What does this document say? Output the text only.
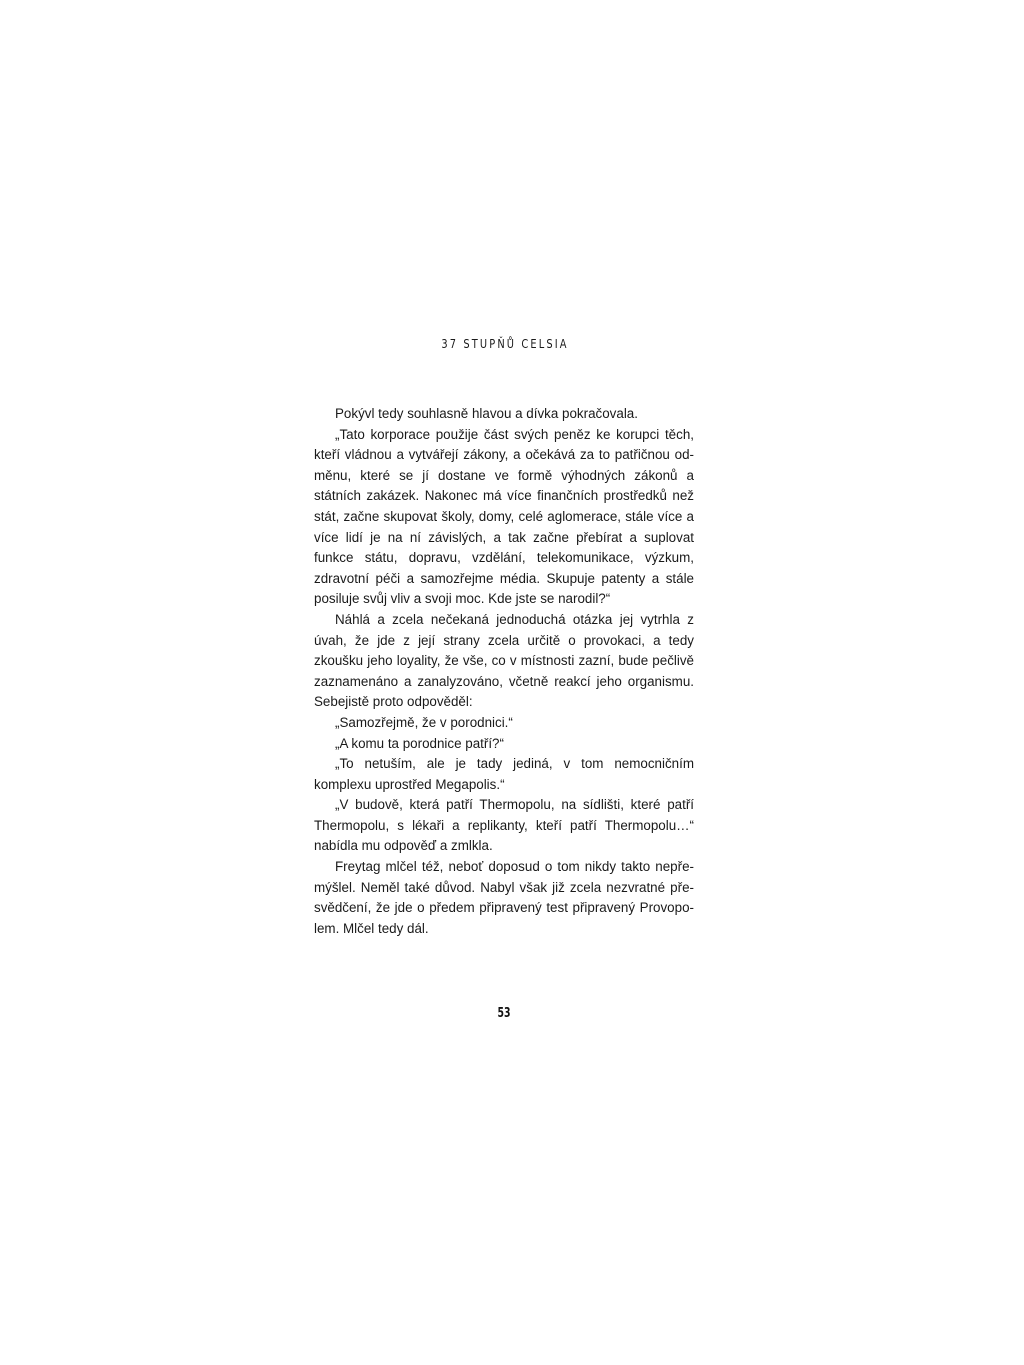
37 STUPŇŮ CELSIA

Pokývl tedy souhlasně hlavou a dívka pokračovala.

„Tato korporace použije část svých peněz ke korupci těch, kteří vládnou a vytvářejí zákony, a očekává za to patřičnou odměnu, které se jí dostane ve formě výhodných zákonů a státních zakázek. Nakonec má více finančních prostředků než stát, začne skupovat školy, domy, celé aglomerace, stále více a více lidí je na ní závislých, a tak začne přebírat a suplovat funkce státu, dopravu, vzdělání, telekomunikace, výzkum, zdravotní péči a samozřejme média. Skupuje patenty a stále posiluje svůj vliv a svoji moc. Kde jste se narodil?“

Náhlá a zcela nečekaná jednoduchá otázka jej vytrhla z úvah, že jde z její strany zcela určitě o provokaci, a tedy zkoušku jeho loyality, že vše, co v místnosti zazní, bude pečlivě zaznamenáno a zanalyzováno, včetně reakcí jeho organismu. Sebejistě proto odpověděl:

„Samozřejmě, že v porodnici.“

„A komu ta porodnice patří?“

„To netuším, ale je tady jediná, v tom nemocničním komplexu uprostřed Megapolis.“

„V budově, která patří Thermopolu, na sídlišti, které patří Thermopolu, s lékaři a replikanty, kteří patří Thermopolu…“ nabídla mu odpověď a zmlkla.

Freytag mlčel též, neboť doposud o tom nikdy takto nepřemýšlel. Neměl také důvod. Nabyl však již zcela nezvratné přesvědčení, že jde o předem připravený test připravený Provopolem. Mlčel tedy dál.

53
